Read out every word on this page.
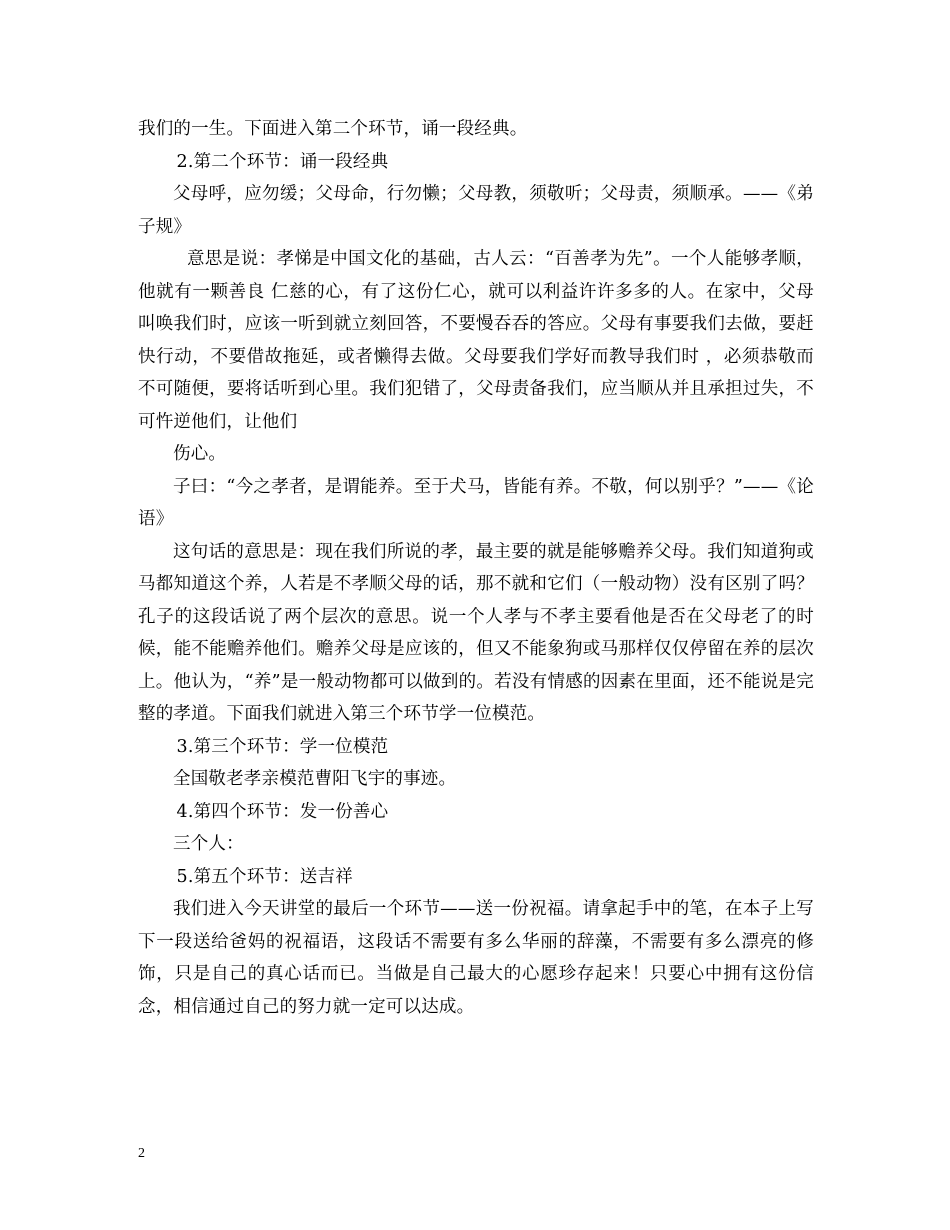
我们的一生。下面进入第二个环节，诵一段经典。

2.第二个环节：诵一段经典

父母呼，应勿缓；父母命，行勿懒；父母教，须敬听；父母责，须顺承。——《弟子规》

意思是说：孝悌是中国文化的基础，古人云：“百善孝为先”。一个人能够孝顺，他就有一颗善良 仁慈的心，有了这份仁心，就可以利益许许多多的人。在家中，父母叫唤我们时，应该一听到就立刻回答，不要慢吞吞的答应。父母有事要我们去做，要赶快行动，不要借故拖延，或者懒得去做。父母要我们学好而教导我们时 ，必须恭敬而不可随便，要将话听到心里。我们犯错了，父母责备我们，应当顺从并且承担过失，不可忤逆他们，让他们

伤心。

子曰：“今之孝者，是谓能养。至于犬马，皆能有养。不敬，何以别乎？”——《论语》

这句话的意思是：现在我们所说的孝，最主要的就是能够赡养父母。我们知道狗或马都知道这个养，人若是不孝顺父母的话，那不就和它们（一般动物）没有区别了吗？孔子的这段话说了两个层次的意思。说一个人孝与不孝主要看他是否在父母老了的时候，能不能赡养他们。赡养父母是应该的，但又不能象狗或马那样仅仅停留在养的层次上。他认为，“养”是一般动物都可以做到的。若没有情感的因素在里面，还不能说是完整的孝道。下面我们就进入第三个环节学一位模范。

3.第三个环节：学一位模范

全国敬老孝亲模范曹阳飞宇的事迹。

4.第四个环节：发一份善心

三个人：

5.第五个环节：送吉祥

我们进入今天讲堂的最后一个环节——送一份祝福。请拿起手中的笔，在本子上写下一段送给爸妈的祝福语，这段话不需要有多么华丽的辞藻，不需要有多么漂亮的修饰，只是自己的真心话而已。当做是自己最大的心愿珍存起来！只要心中拥有这份信念，相信通过自己的努力就一定可以达成。

2
